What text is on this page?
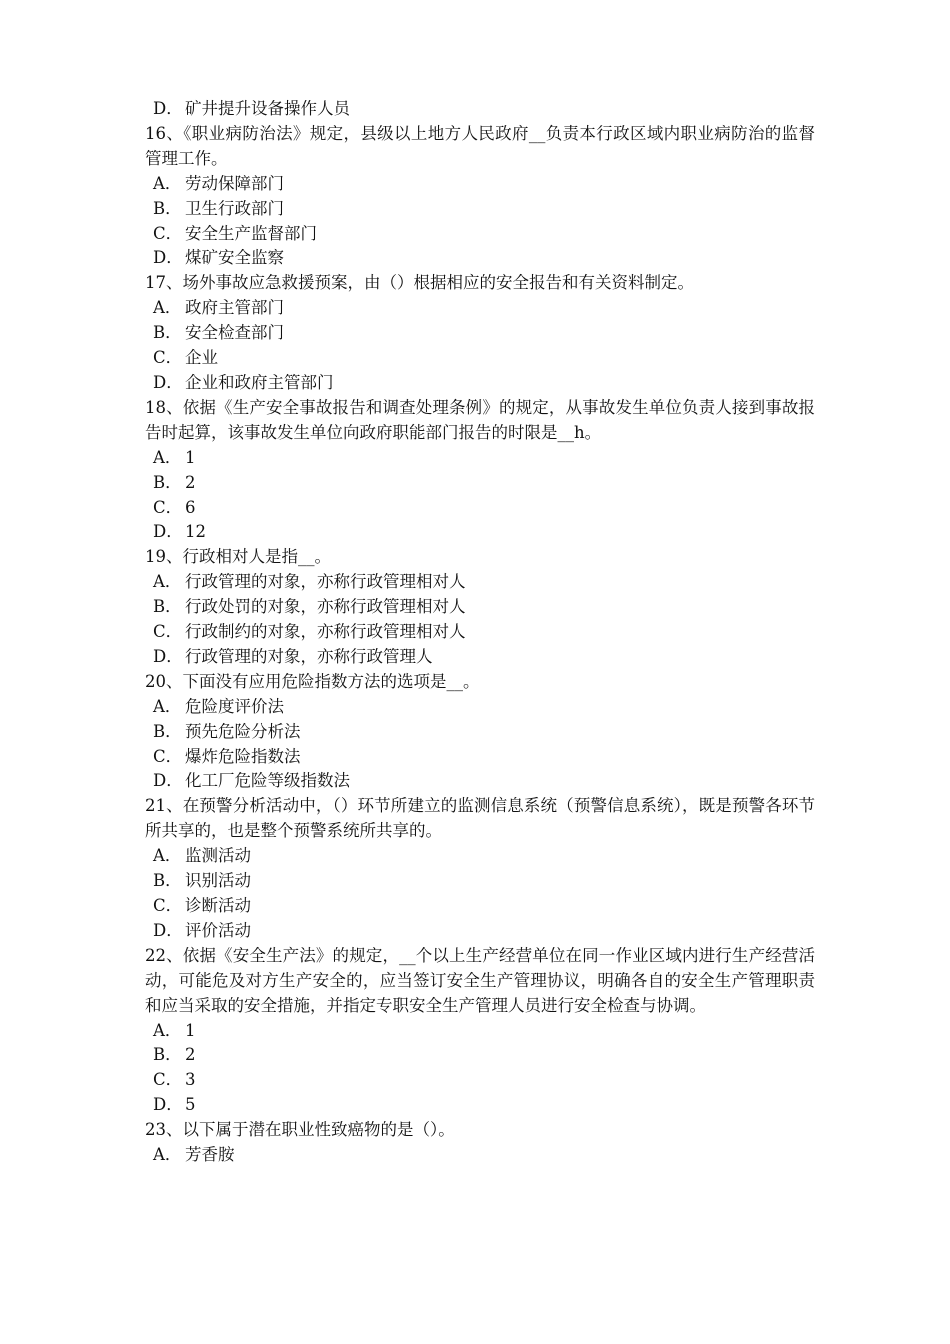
D． 矿井提升设备操作人员

16、《职业病防治法》规定，县级以上地方人民政府__负责本行政区域内职业病防治的监督管理工作。

A． 劳动保障部门

B． 卫生行政部门

C． 安全生产监督部门

D． 煤矿安全监察

17、场外事故应急救援预案，由（）根据相应的安全报告和有关资料制定。

A． 政府主管部门

B． 安全检查部门

C． 企业

D． 企业和政府主管部门

18、依据《生产安全事故报告和调查处理条例》的规定，从事故发生单位负责人接到事故报告时起算，该事故发生单位向政府职能部门报告的时限是__h。

A． 1

B． 2

C． 6

D． 12

19、行政相对人是指__。

A． 行政管理的对象，亦称行政管理相对人

B． 行政处罚的对象，亦称行政管理相对人

C． 行政制约的对象，亦称行政管理相对人

D． 行政管理的对象，亦称行政管理人

20、下面没有应用危险指数方法的选项是__。

A． 危险度评价法

B． 预先危险分析法

C． 爆炸危险指数法

D． 化工厂危险等级指数法

21、在预警分析活动中，（）环节所建立的监测信息系统（预警信息系统），既是预警各环节所共享的，也是整个预警系统所共享的。

A． 监测活动

B． 识别活动

C． 诊断活动

D． 评价活动

22、依据《安全生产法》的规定，__个以上生产经营单位在同一作业区域内进行生产经营活动，可能危及对方生产安全的，应当签订安全生产管理协议，明确各自的安全生产管理职责和应当采取的安全措施，并指定专职安全生产管理人员进行安全检查与协调。

A． 1

B． 2

C． 3

D． 5

23、以下属于潜在职业性致癌物的是（）。

A． 芳香胺
